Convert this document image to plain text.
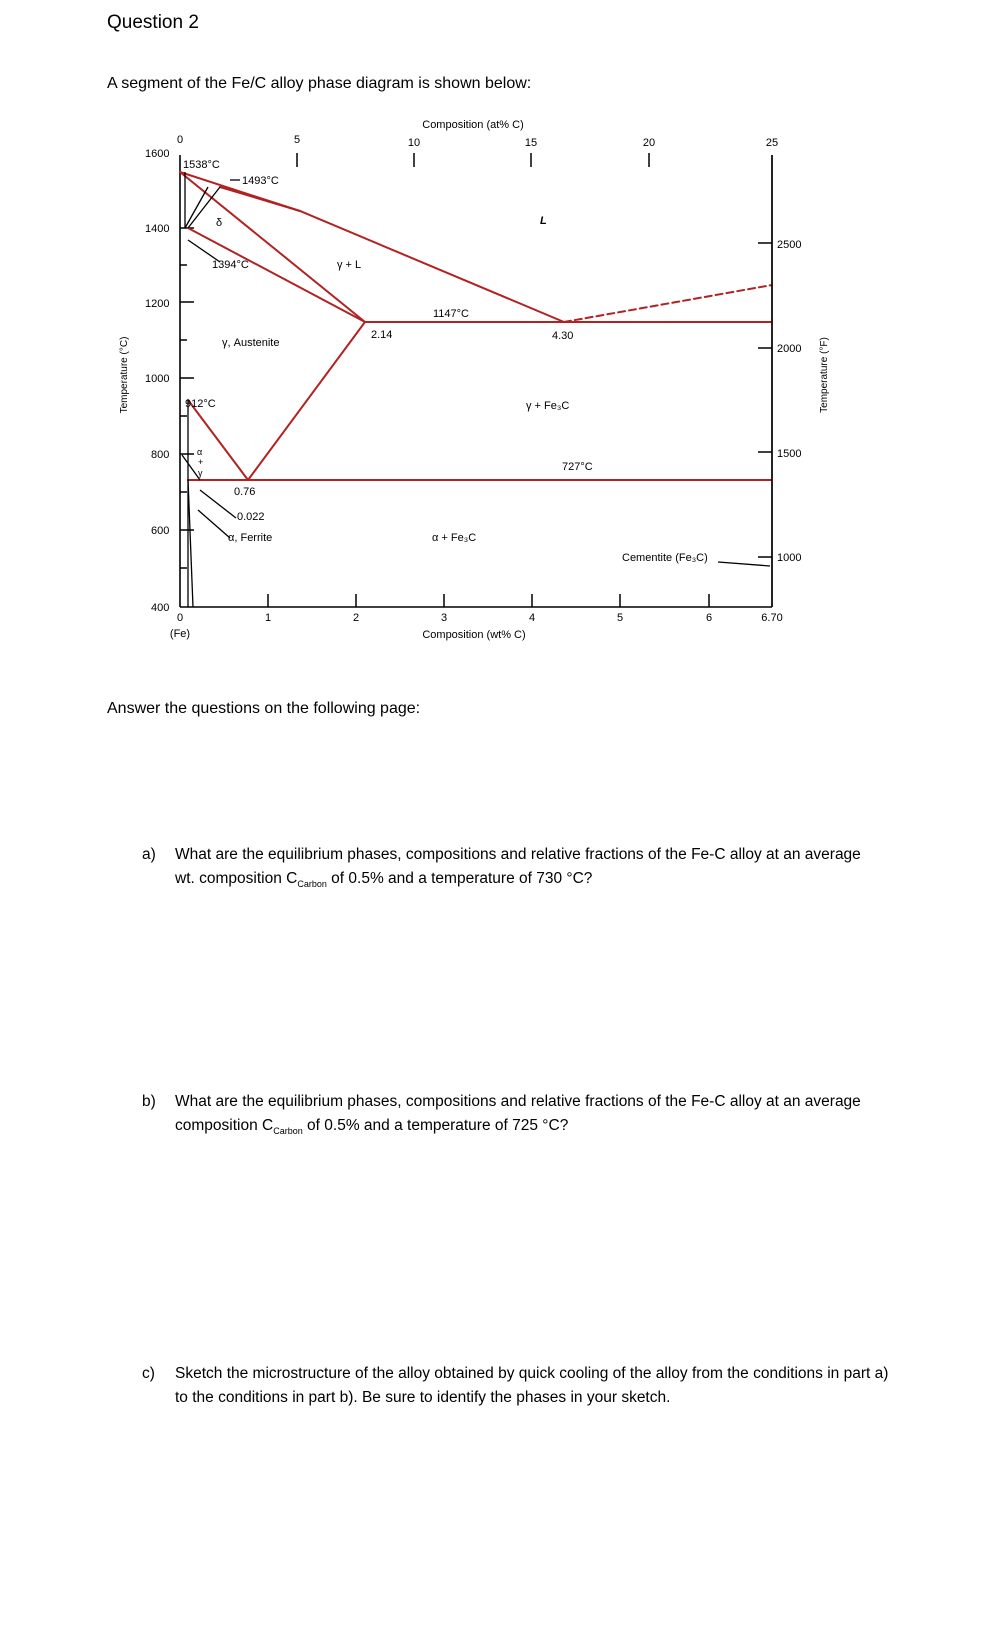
Question 2
A segment of the Fe/C alloy phase diagram is shown below:
Composition (at% C)
0	5	10	15	20	25
1600
1400
1200
1000
800
600
400
Temperature (°C)
2500
2000
1500
1000
Temperature (°F)
0	1	2	3	4	5	6	6.70
(Fe)	Composition (wt% C)
1538°C
1493°C
δ
1394°C	γ + L
L
1147°C
2.14	4.30
γ, Austenite
912°C	γ + Fe₃C
727°C
α
+
γ
0.76
0.022
α, Ferrite	α + Fe₃C
Cementite (Fe₃C)
Answer the questions on the following page:
a) What are the equilibrium phases, compositions and relative fractions of the Fe-C alloy at an average wt. composition $C_{Carbon}$ of 0.5% and a temperature of 730 °C?
b) What are the equilibrium phases, compositions and relative fractions of the Fe-C alloy at an average composition $C_{Carbon}$ of 0.5% and a temperature of 725 °C?
c) Sketch the microstructure of the alloy obtained by quick cooling of the alloy from the conditions in part a) to the conditions in part b). Be sure to identify the phases in your sketch.
